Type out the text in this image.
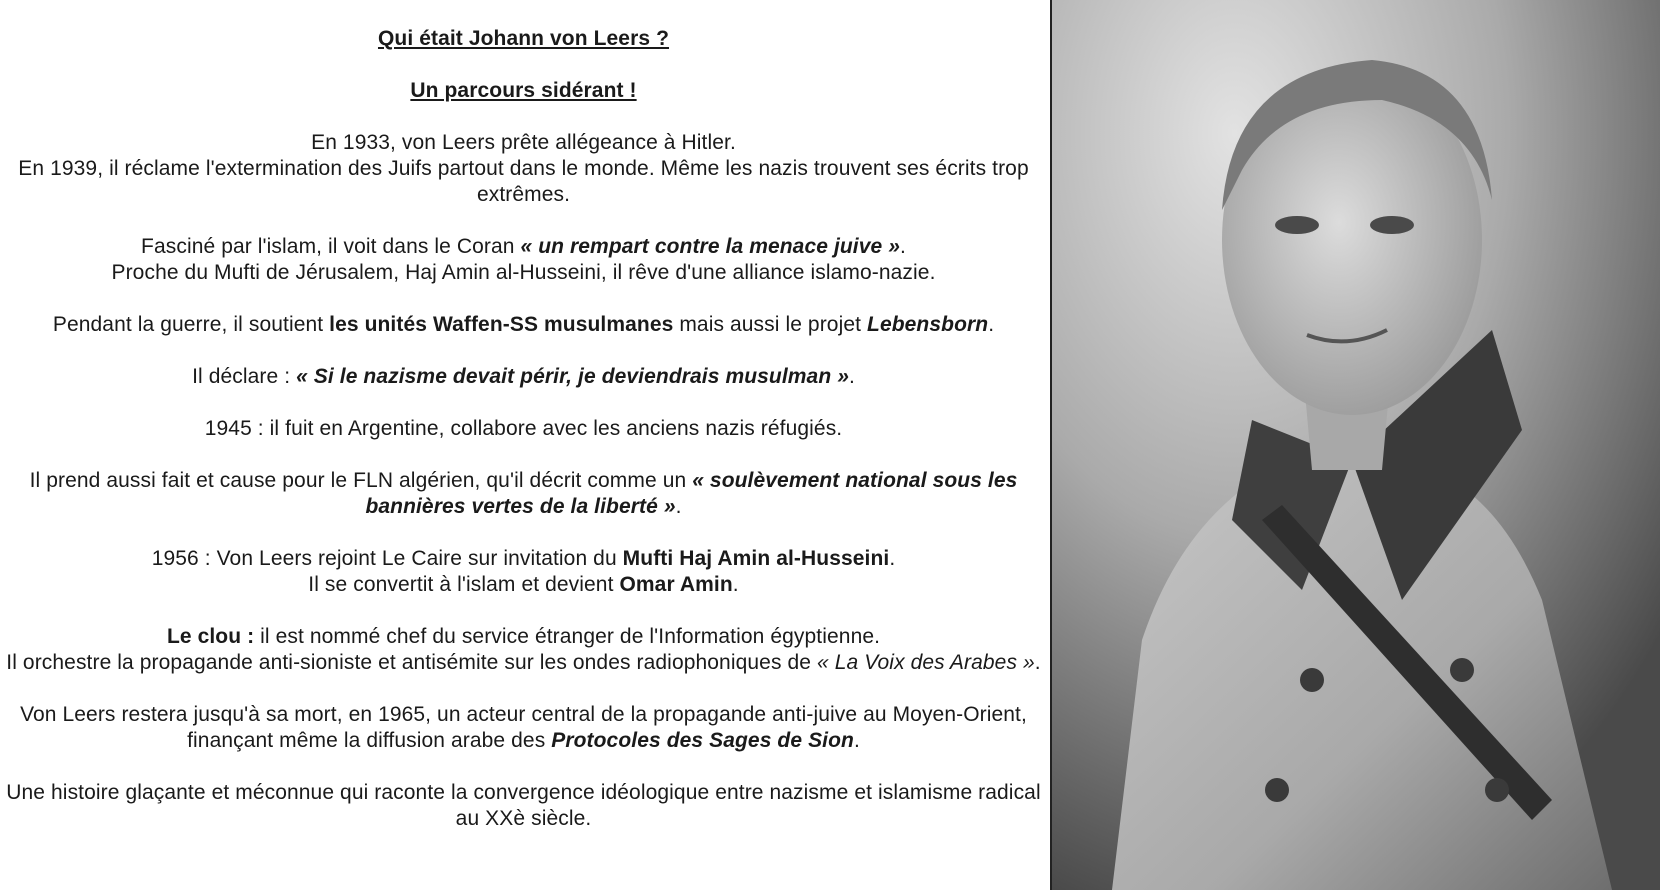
Qui était Johann von Leers ?

Un parcours sidérant !

En 1933, von Leers prête allégeance à Hitler.
En 1939, il réclame l'extermination des Juifs partout dans le monde. Même les nazis trouvent ses écrits trop extrêmes.

Fasciné par l'islam, il voit dans le Coran « un rempart contre la menace juive ».
Proche du Mufti de Jérusalem, Haj Amin al-Husseini, il rêve d'une alliance islamo-nazie.

Pendant la guerre, il soutient les unités Waffen-SS musulmanes mais aussi le projet Lebensborn.

Il déclare : « Si le nazisme devait périr, je deviendrais musulman ».

1945 : il fuit en Argentine, collabore avec les anciens nazis réfugiés.

Il prend aussi fait et cause pour le FLN algérien, qu'il décrit comme un « soulèvement national sous les bannières vertes de la liberté ».

1956 : Von Leers rejoint Le Caire sur invitation du Mufti Haj Amin al-Husseini.
Il se convertit à l'islam et devient Omar Amin.

Le clou : il est nommé chef du service étranger de l'Information égyptienne.
Il orchestre la propagande anti-sioniste et antisémite sur les ondes radiophoniques de « La Voix des Arabes ».

Von Leers restera jusqu'à sa mort, en 1965, un acteur central de la propagande anti-juive au Moyen-Orient, finançant même la diffusion arabe des Protocoles des Sages de Sion.

Une histoire glaçante et méconnue qui raconte la convergence idéologique entre nazisme et islamisme radical au XXè siècle.
